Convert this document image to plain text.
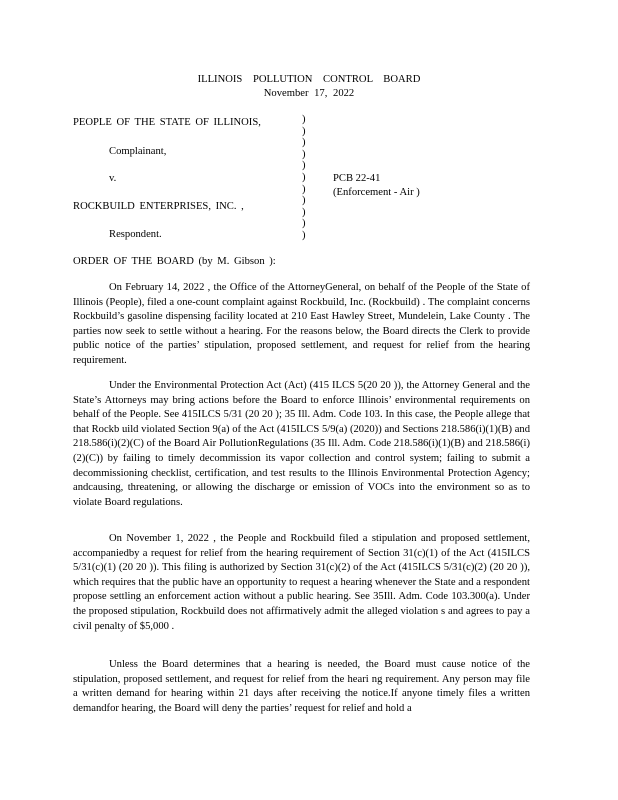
ILLINOIS POLLUTION CONTROL BOARD
November 17, 2022
PEOPLE OF THE STATE OF ILLINOIS,
Complainant,
v.	PCB 22-41
(Enforcement - Air )
ROCKBUILD ENTERPRISES, INC. ,
Respondent.
)
)
)
)
)
)
)
)
)
)
)
ORDER OF THE BOARD (by M. Gibson ):

On February 14, 2022 , the Office of the AttorneyGeneral, on behalf of the People of the State of Illinois (People), filed a one-count complaint against Rockbuild, Inc. (Rockbuild) . The complaint concerns Rockbuild’s gasoline dispensing facility located at 210 East Hawley Street, Mundelein, Lake County . The parties now seek to settle without a hearing. For the reasons below, the Board directs the Clerk to provide public notice of the parties’ stipulation, proposed settlement, and request for relief from the hearing requirement.

Under the Environmental Protection Act (Act) (415 ILCS 5(20 20 )), the Attorney General and the State’s Attorneys may bring actions before the Board to enforce Illinois’ environmental requirements on behalf of the People. See 415ILCS 5/31 (20 20 ); 35 Ill. Adm. Code 103. In this case, the People allege that that Rockb uild violated Section 9(a) of the Act (415ILCS 5/9(a) (2020)) and Sections 218.586(i)(1)(B) and 218.586(i)(2)(C) of the Board Air PollutionRegulations (35 Ill. Adm. Code 218.586(i)(1)(B) and 218.586(i)(2)(C)) by failing to timely decommission its vapor collection and control system; failing to submit a decommissioning checklist, certification, and test results to the Illinois Environmental Protection Agency; andcausing, threatening, or allowing the discharge or emission of VOCs into the environment so as to violate Board regulations.

On November 1, 2022 , the People and Rockbuild filed a stipulation and proposed settlement, accompaniedby a request for relief from the hearing requirement of Section 31(c)(1) of the Act (415ILCS 5/31(c)(1) (20 20 )). This filing is authorized by Section 31(c)(2) of the Act (415ILCS 5/31(c)(2) (20 20 )), which requires that the public have an opportunity to request a hearing whenever the State and a respondent propose settling an enforcement action without a public hearing. See 35Ill. Adm. Code 103.300(a). Under the proposed stipulation, Rockbuild does not affirmatively admit the alleged violation s and agrees to pay a civil penalty of $5,000 .

Unless the Board determines that a hearing is needed, the Board must cause notice of the stipulation, proposed settlement, and request for relief from the heari ng requirement. Any person may file a written demand for hearing within 21 days after receiving the notice.If anyone timely files a written demandfor hearing, the Board will deny the parties’ request for relief and hold a
